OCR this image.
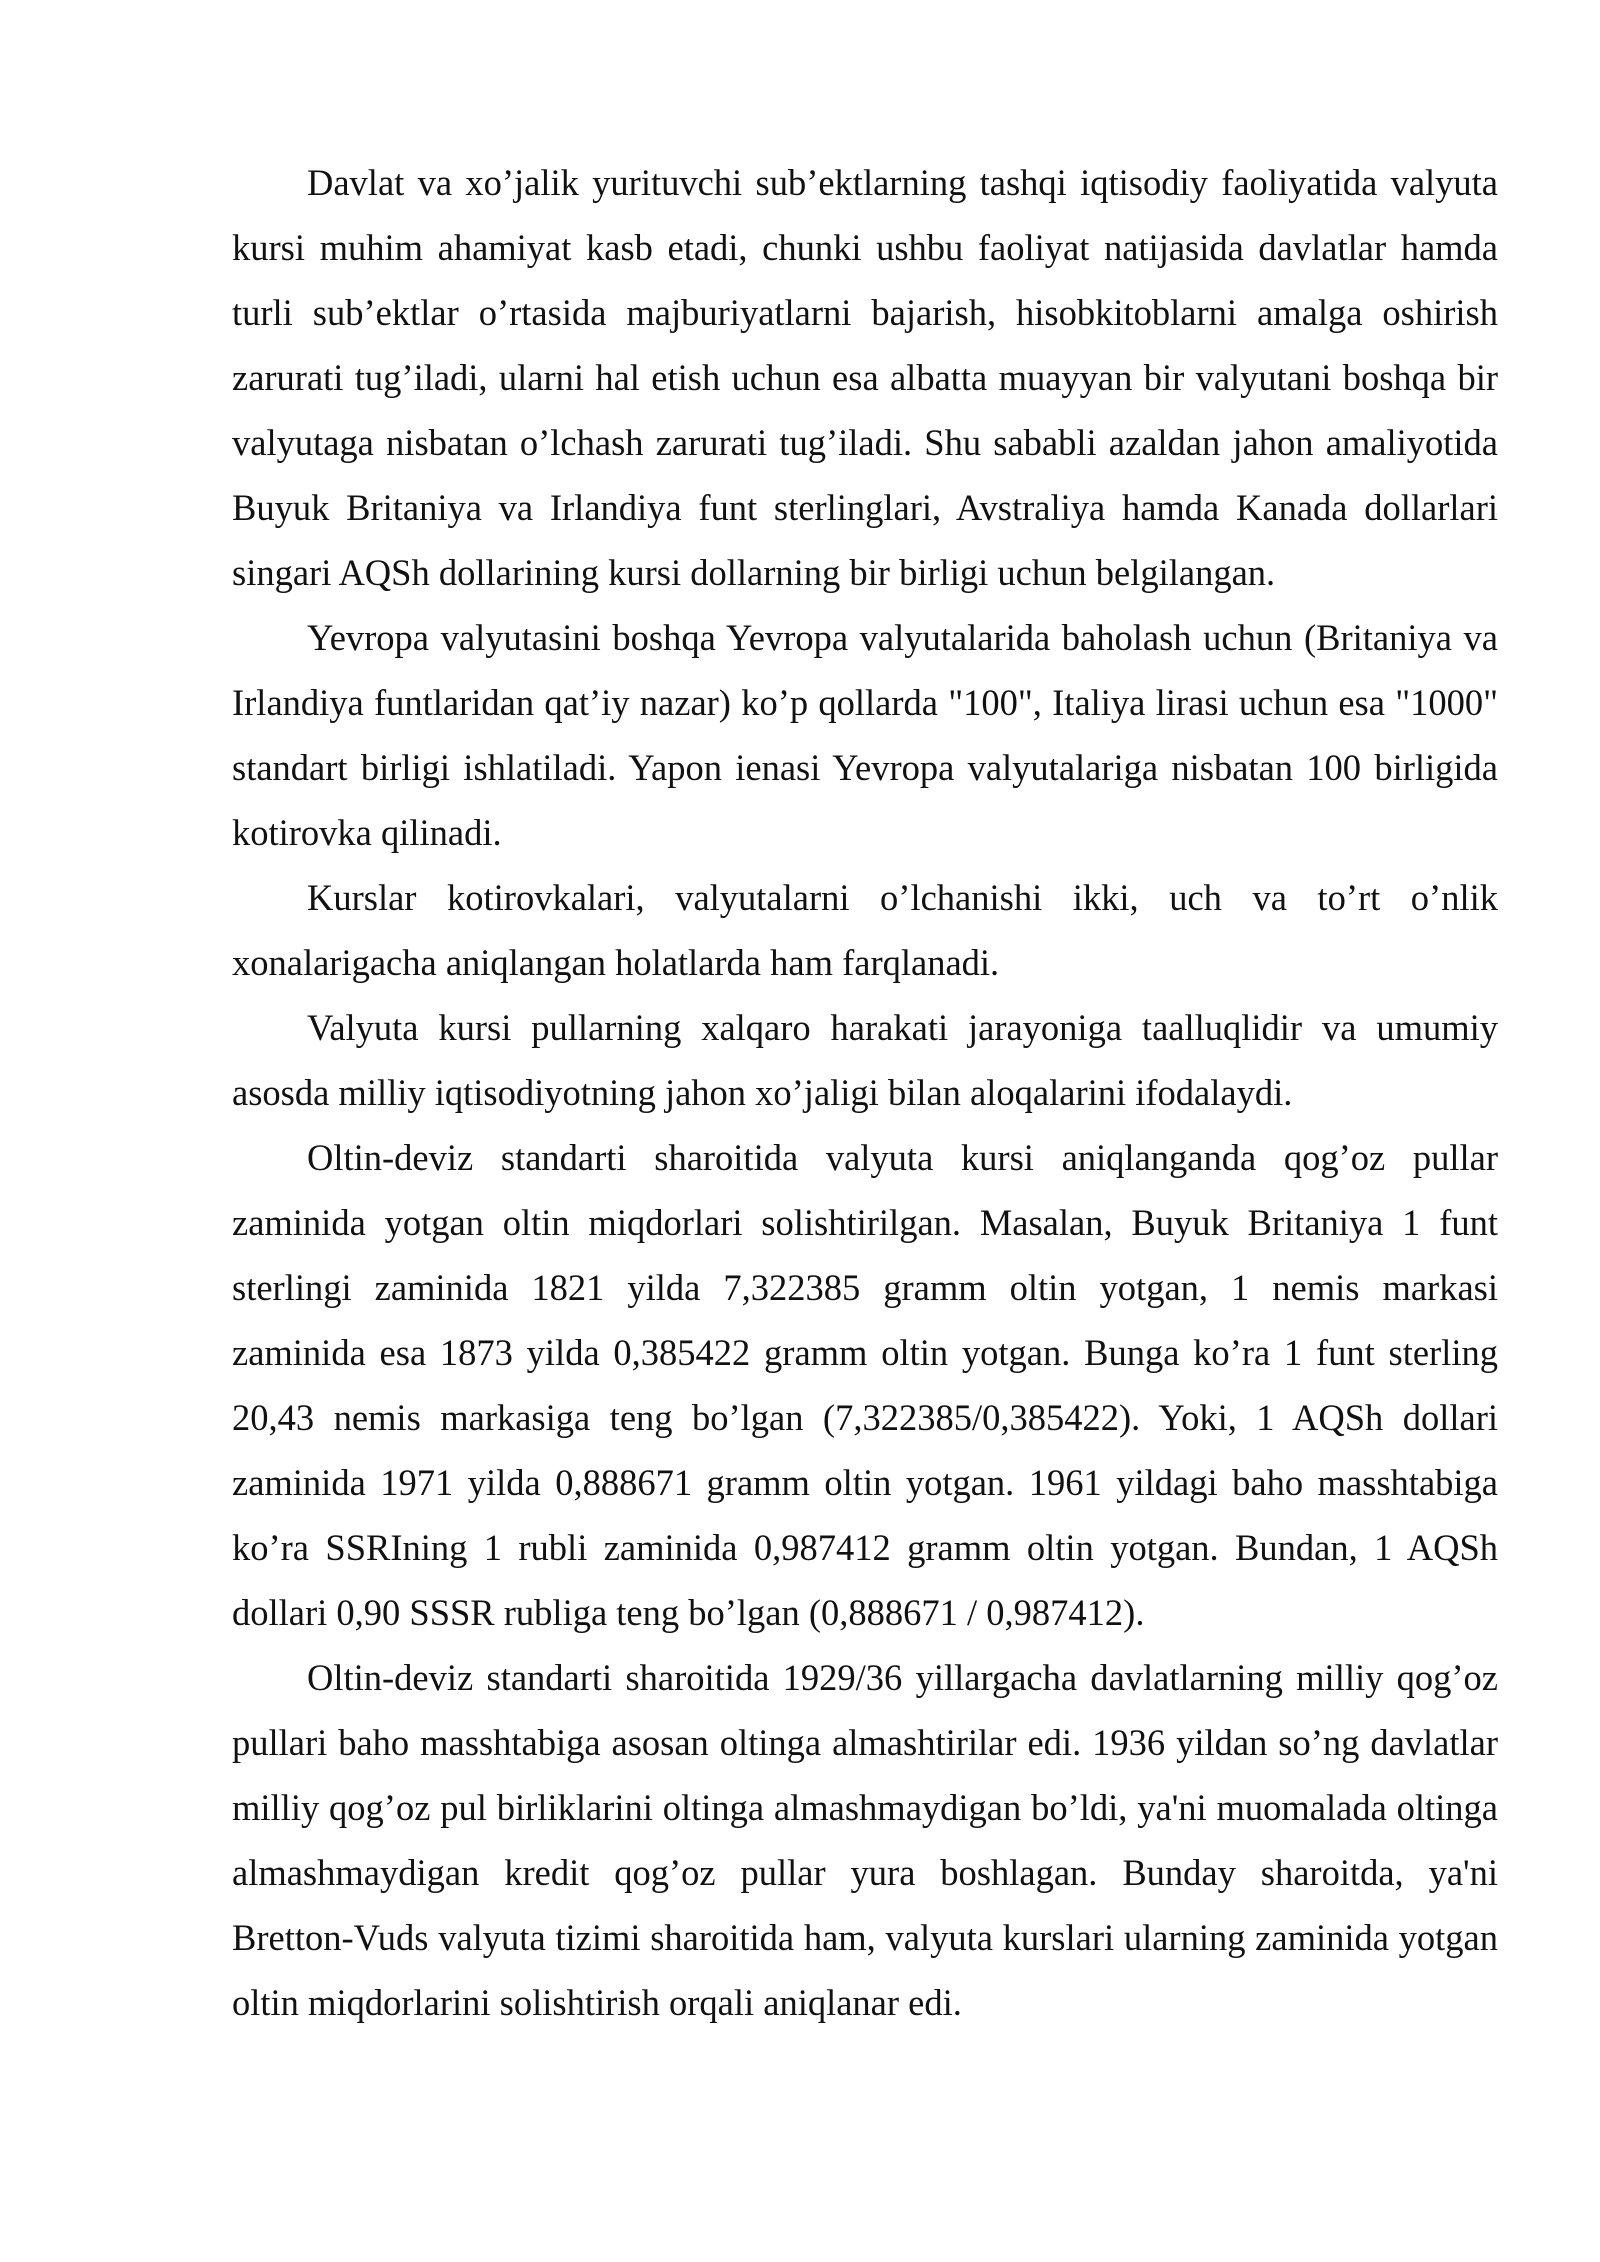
Davlat va xo’jalik yurituvchi sub’ektlarning tashqi iqtisodiy faoliyatida valyuta kursi muhim ahamiyat kasb etadi, chunki ushbu faoliyat natijasida davlatlar hamda turli sub’ektlar o’rtasida majburiyatlarni bajarish, hisobkitoblarni amalga oshirish zarurati tug’iladi, ularni hal etish uchun esa albatta muayyan bir valyutani boshqa bir valyutaga nisbatan o’lchash zarurati tug’iladi. Shu sababli azaldan jahon amaliyotida Buyuk Britaniya va Irlandiya funt sterlinglari, Avstraliya hamda Kanada dollarlari singari AQSh dollarining kursi dollarning bir birligi uchun belgilangan.

Yevropa valyutasini boshqa Yevropa valyutalarida baholash uchun (Britaniya va Irlandiya funtlaridan qat’iy nazar) ko’p qollarda "100", Italiya lirasi uchun esa "1000" standart birligi ishlatiladi. Yapon ienasi Yevropa valyutalariga nisbatan 100 birligida kotirovka qilinadi.

Kurslar kotirovkalari, valyutalarni o’lchanishi ikki, uch va to’rt o’nlik xonalarigacha aniqlangan holatlarda ham farqlanadi.

Valyuta kursi pullarning xalqaro harakati jarayoniga taalluqlidir va umumiy asosda milliy iqtisodiyotning jahon xo’jaligi bilan aloqalarini ifodalaydi.

Oltin-deviz standarti sharoitida valyuta kursi aniqlanganda qog’oz pullar zaminida yotgan oltin miqdorlari solishtirilgan. Masalan, Buyuk Britaniya 1 funt sterlingi zaminida 1821 yilda 7,322385 gramm oltin yotgan, 1 nemis markasi zaminida esa 1873 yilda 0,385422 gramm oltin yotgan. Bunga ko’ra 1 funt sterling 20,43 nemis markasiga teng bo’lgan (7,322385/0,385422). Yoki, 1 AQSh dollari zaminida 1971 yilda 0,888671 gramm oltin yotgan. 1961 yildagi baho masshtabiga ko’ra SSRIning 1 rubli zaminida 0,987412 gramm oltin yotgan. Bundan, 1 AQSh dollari 0,90 SSSR rubliga teng bo’lgan (0,888671 / 0,987412).

Oltin-deviz standarti sharoitida 1929/36 yillargacha davlatlarning milliy qog’oz pullari baho masshtabiga asosan oltinga almashtirilar edi. 1936 yildan so’ng davlatlar milliy qog’oz pul birliklarini oltinga almashmaydigan bo’ldi, ya'ni muomalada oltinga almashmaydigan kredit qog’oz pullar yura boshlagan. Bunday sharoitda, ya'ni Bretton-Vuds valyuta tizimi sharoitida ham, valyuta kurslari ularning zaminida yotgan oltin miqdorlarini solishtirish orqali aniqlanar edi.
